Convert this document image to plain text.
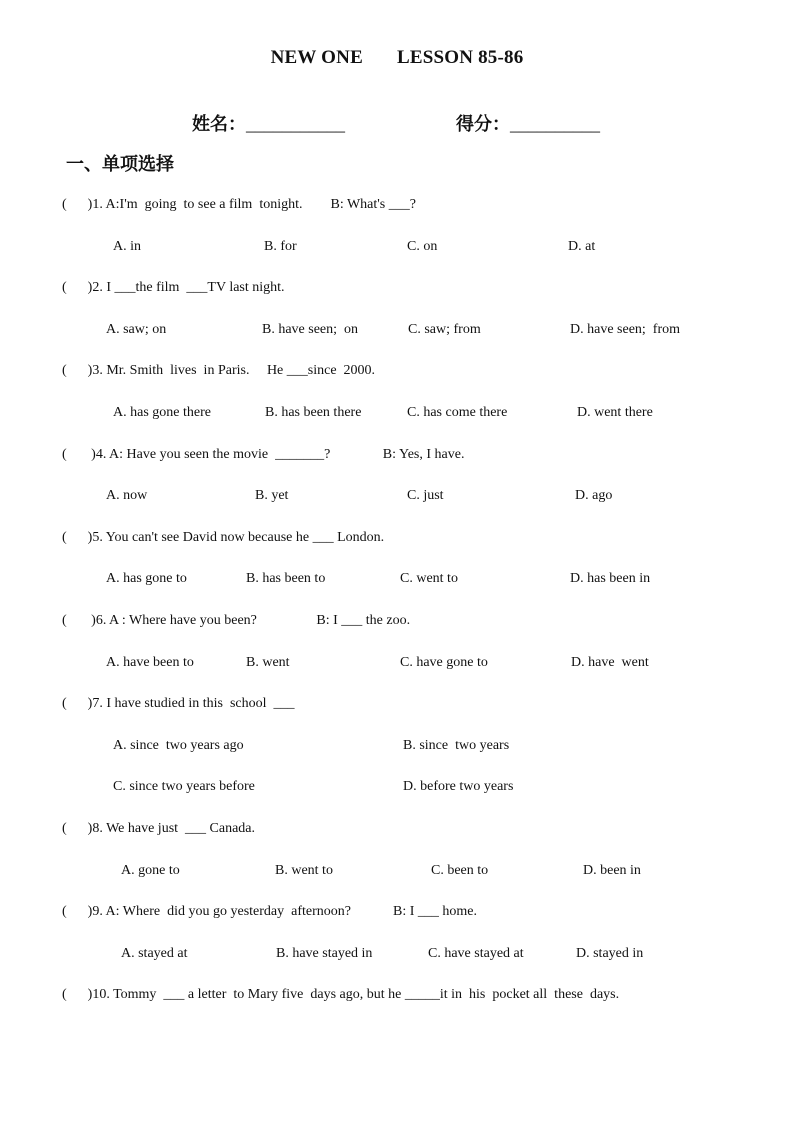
NEW ONE LESSON 85-86
姓名：___________	得分：__________
一、单项选择
(      )1. A:I'm  going  to see a film  tonight.        B: What's ___?
A. in	B. for	C. on	D. at
(      )2. I ___the film  ___TV last night.
A. saw; on	B. have seen;  on	C. saw; from	D. have seen;  from
(      )3. Mr. Smith  lives  in Paris.     He ___since  2000.
A. has gone there	B. has been there	C. has come there	D. went there
(       )4. A: Have you seen the movie  _______?               B: Yes, I have.
A. now	B. yet	C. just	D. ago
(      )5. You can't see David now because he ___ London.
A. has gone to	B. has been to	C. went to	D. has been in
(       )6. A : Where have you been?                 B: I ___ the zoo.
A. have been to	B. went	C. have gone to	D. have  went
(      )7. I have studied in this  school  ___
A. since  two years ago	B. since  two years
C. since two years before	D. before two years
(      )8. We have just  ___ Canada.
A. gone to	B. went to	C. been to	D. been in
(      )9. A: Where  did you go yesterday  afternoon?            B: I ___ home.
A. stayed at	B. have stayed in	C. have stayed at	D. stayed in
(      )10. Tommy  ___ a letter  to Mary five  days ago, but he _____it in  his  pocket all  these  days.
